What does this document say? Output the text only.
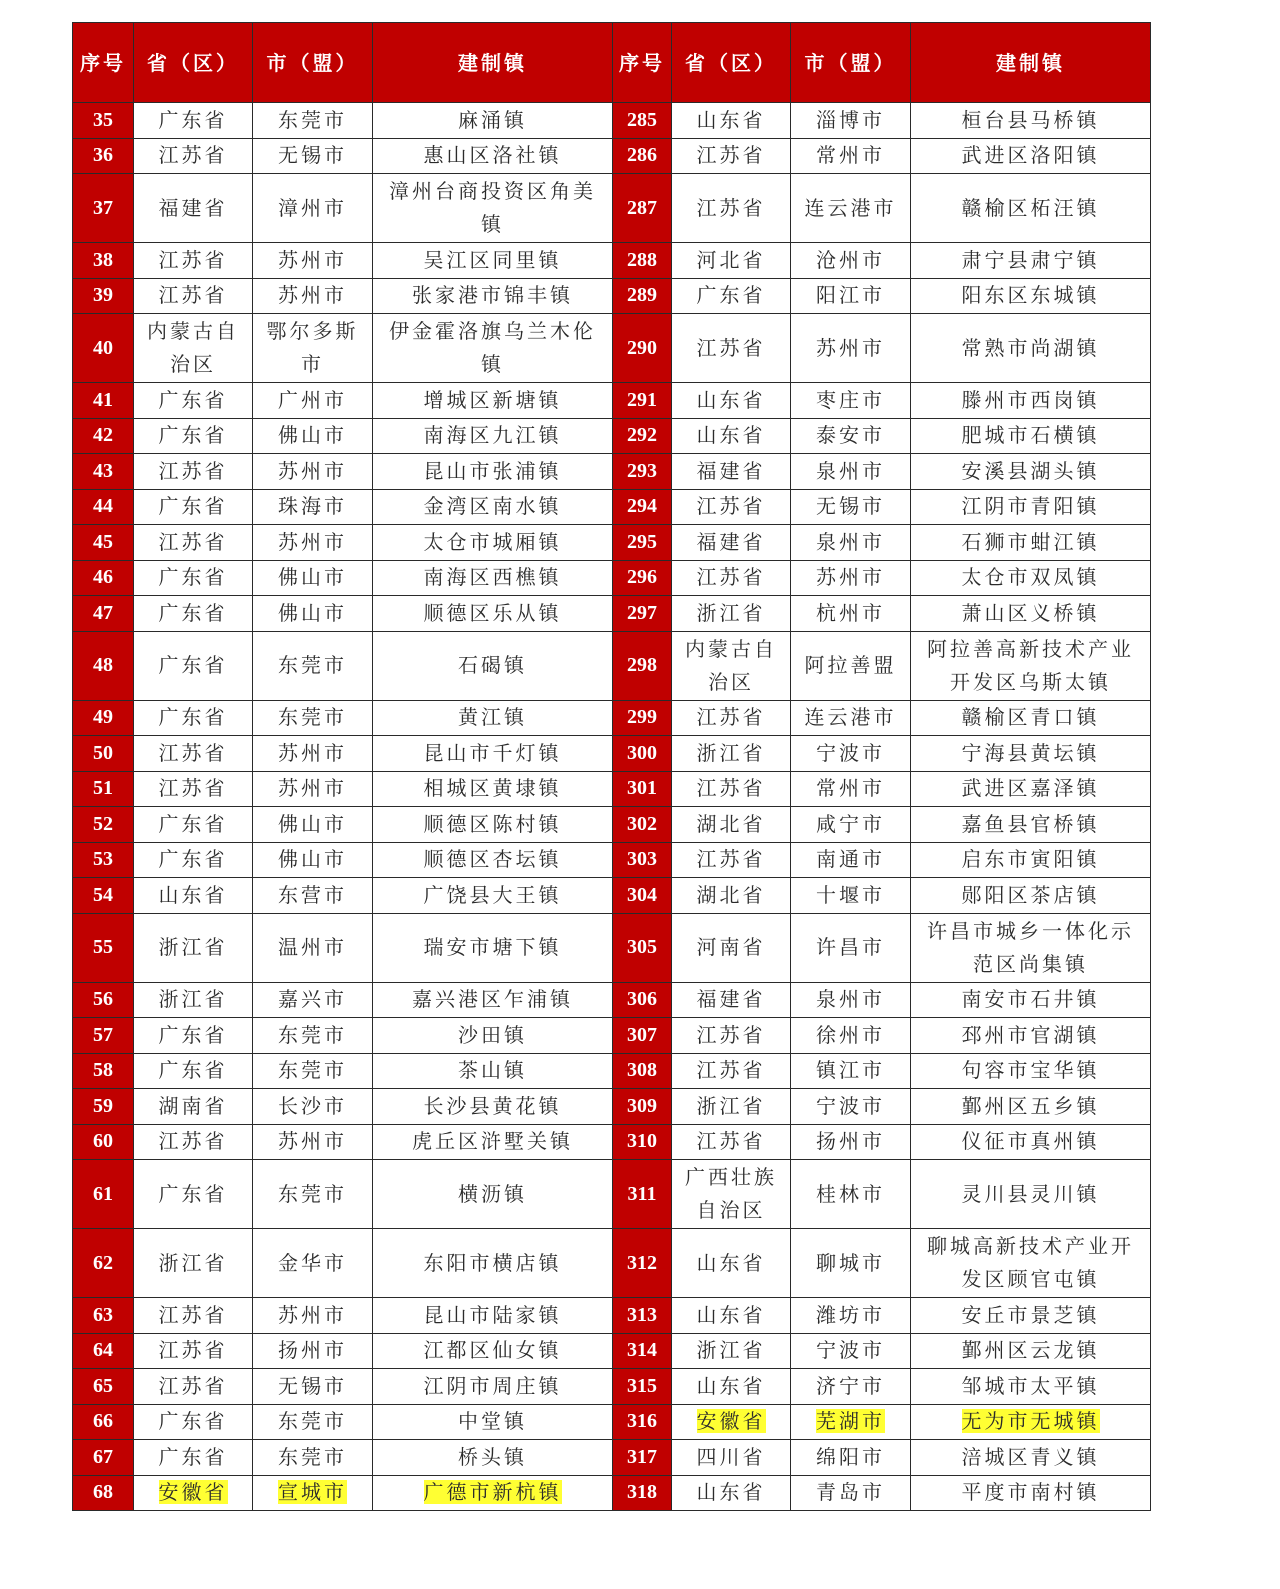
序号	省（区）	市（盟）	建制镇	序号	省（区）	市（盟）	建制镇
35	广东省	东莞市	麻涌镇	285	山东省	淄博市	桓台县马桥镇
36	江苏省	无锡市	惠山区洛社镇	286	江苏省	常州市	武进区洛阳镇
37	福建省	漳州市	漳州台商投资区角美镇	287	江苏省	连云港市	赣榆区柘汪镇
38	江苏省	苏州市	吴江区同里镇	288	河北省	沧州市	肃宁县肃宁镇
39	江苏省	苏州市	张家港市锦丰镇	289	广东省	阳江市	阳东区东城镇
40	内蒙古自治区	鄂尔多斯市	伊金霍洛旗乌兰木伦镇	290	江苏省	苏州市	常熟市尚湖镇
41	广东省	广州市	增城区新塘镇	291	山东省	枣庄市	滕州市西岗镇
42	广东省	佛山市	南海区九江镇	292	山东省	泰安市	肥城市石横镇
43	江苏省	苏州市	昆山市张浦镇	293	福建省	泉州市	安溪县湖头镇
44	广东省	珠海市	金湾区南水镇	294	江苏省	无锡市	江阴市青阳镇
45	江苏省	苏州市	太仓市城厢镇	295	福建省	泉州市	石狮市蚶江镇
46	广东省	佛山市	南海区西樵镇	296	江苏省	苏州市	太仓市双凤镇
47	广东省	佛山市	顺德区乐从镇	297	浙江省	杭州市	萧山区义桥镇
48	广东省	东莞市	石碣镇	298	内蒙古自治区	阿拉善盟	阿拉善高新技术产业开发区乌斯太镇
49	广东省	东莞市	黄江镇	299	江苏省	连云港市	赣榆区青口镇
50	江苏省	苏州市	昆山市千灯镇	300	浙江省	宁波市	宁海县黄坛镇
51	江苏省	苏州市	相城区黄埭镇	301	江苏省	常州市	武进区嘉泽镇
52	广东省	佛山市	顺德区陈村镇	302	湖北省	咸宁市	嘉鱼县官桥镇
53	广东省	佛山市	顺德区杏坛镇	303	江苏省	南通市	启东市寅阳镇
54	山东省	东营市	广饶县大王镇	304	湖北省	十堰市	郧阳区茶店镇
55	浙江省	温州市	瑞安市塘下镇	305	河南省	许昌市	许昌市城乡一体化示范区尚集镇
56	浙江省	嘉兴市	嘉兴港区乍浦镇	306	福建省	泉州市	南安市石井镇
57	广东省	东莞市	沙田镇	307	江苏省	徐州市	邳州市官湖镇
58	广东省	东莞市	茶山镇	308	江苏省	镇江市	句容市宝华镇
59	湖南省	长沙市	长沙县黄花镇	309	浙江省	宁波市	鄞州区五乡镇
60	江苏省	苏州市	虎丘区浒墅关镇	310	江苏省	扬州市	仪征市真州镇
61	广东省	东莞市	横沥镇	311	广西壮族自治区	桂林市	灵川县灵川镇
62	浙江省	金华市	东阳市横店镇	312	山东省	聊城市	聊城高新技术产业开发区顾官屯镇
63	江苏省	苏州市	昆山市陆家镇	313	山东省	潍坊市	安丘市景芝镇
64	江苏省	扬州市	江都区仙女镇	314	浙江省	宁波市	鄞州区云龙镇
65	江苏省	无锡市	江阴市周庄镇	315	山东省	济宁市	邹城市太平镇
66	广东省	东莞市	中堂镇	316	安徽省	芜湖市	无为市无城镇
67	广东省	东莞市	桥头镇	317	四川省	绵阳市	涪城区青义镇
68	安徽省	宣城市	广德市新杭镇	318	山东省	青岛市	平度市南村镇
